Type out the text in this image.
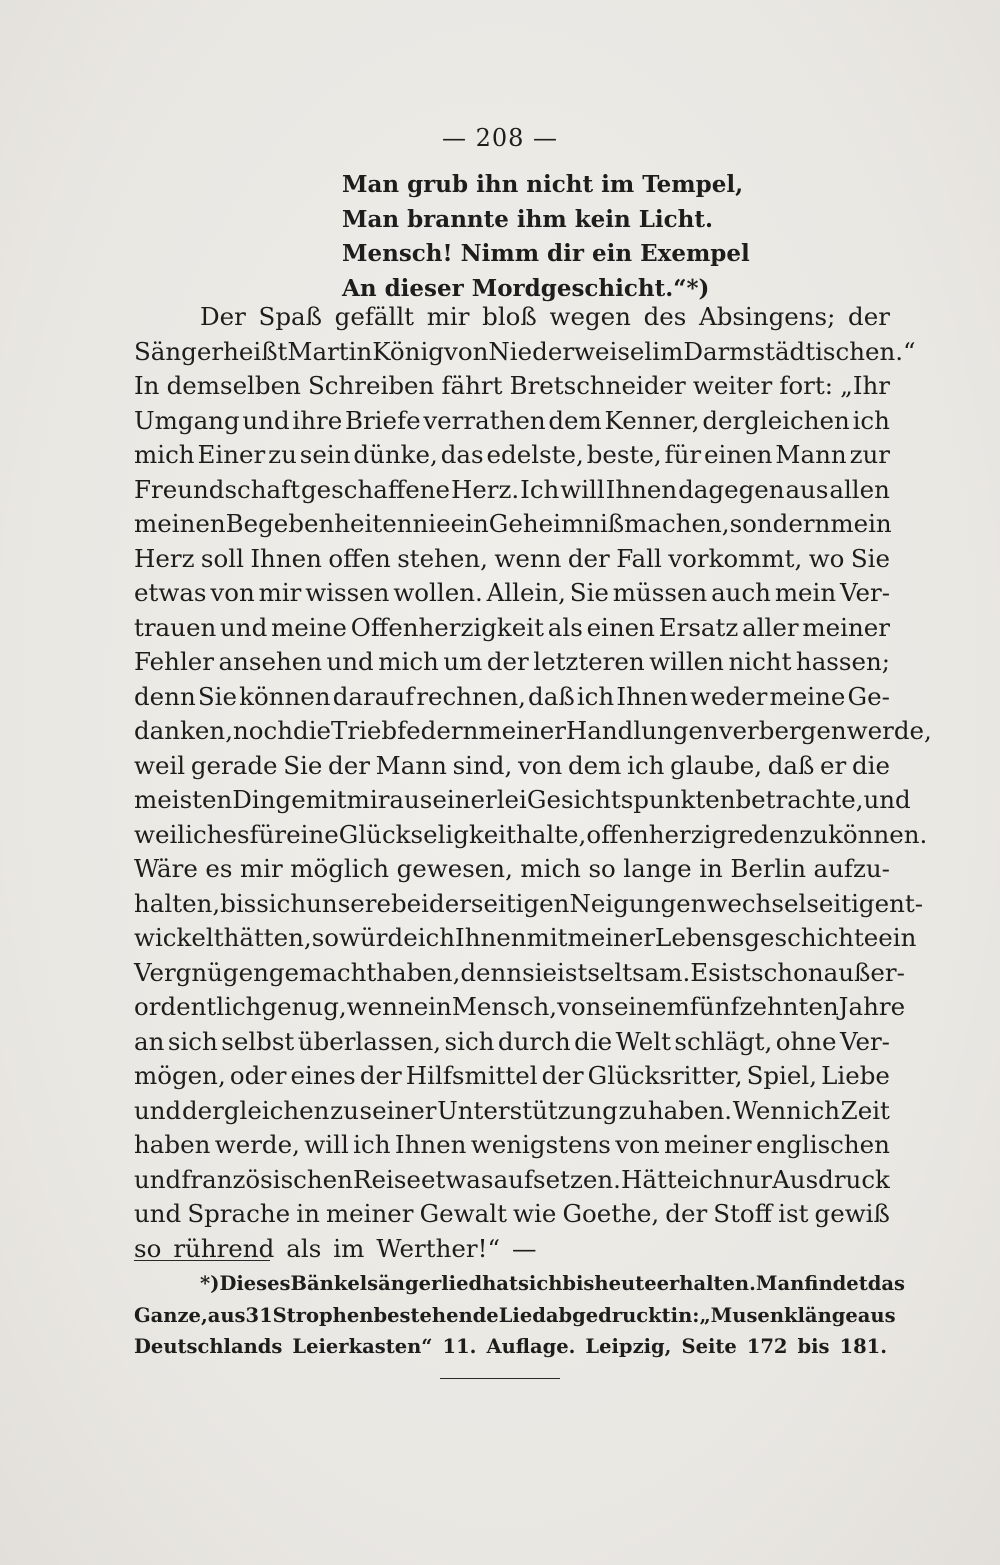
— 208 —
Man grub ihn nicht im Tempel,
Man brannte ihm kein Licht.
Mensch! Nimm dir ein Exempel
An dieser Mordgeschicht.“*)
Der Spaß gefällt mir bloß wegen des Absingens; der
Sänger heißt Martin König von Niederweisel im Darmstädtischen.“
In demselben Schreiben fährt Bretschneider weiter fort: „Ihr
Umgang und ihre Briefe verrathen dem Kenner, dergleichen ich
mich Einer zu sein dünke, das edelste, beste, für einen Mann zur
Freundschaft geschaffene Herz. Ich will Ihnen dagegen aus allen
meinen Begebenheiten nie ein Geheimniß machen, sondern mein
Herz soll Ihnen offen stehen, wenn der Fall vorkommt, wo Sie
etwas von mir wissen wollen. Allein, Sie müssen auch mein Ver-
trauen und meine Offenherzigkeit als einen Ersatz aller meiner
Fehler ansehen und mich um der letzteren willen nicht hassen;
denn Sie können darauf rechnen, daß ich Ihnen weder meine Ge-
danken, noch die Triebfedern meiner Handlungen verbergen werde,
weil gerade Sie der Mann sind, von dem ich glaube, daß er die
meisten Dinge mit mir aus einerlei Gesichtspunkten betrachte, und
weil ich es für eine Glückseligkeit halte, offenherzig reden zu können.
Wäre es mir möglich gewesen, mich so lange in Berlin aufzu-
halten, bis sich unsere beiderseitigen Neigungen wechselseitig ent-
wickelt hätten, so würde ich Ihnen mit meiner Lebensgeschichte ein
Vergnügen gemacht haben, denn sie ist seltsam. Es ist schon außer-
ordentlich genug, wenn ein Mensch, von seinem fünfzehnten Jahre
an sich selbst überlassen, sich durch die Welt schlägt, ohne Ver-
mögen, oder eines der Hilfsmittel der Glücksritter, Spiel, Liebe
und dergleichen zu seiner Unterstützung zu haben. Wenn ich Zeit
haben werde, will ich Ihnen wenigstens von meiner englischen
und französischen Reise etwas aufsetzen. Hätte ich nur Ausdruck
und Sprache in meiner Gewalt wie Goethe, der Stoff ist gewiß
so rührend als im Werther!“ —
*) Dieses Bänkelsängerlied hat sich bis heute erhalten. Man findet das
Ganze, aus 31 Strophen bestehende Lied abgedruckt in: „Musenklänge aus
Deutschlands Leierkasten“ 11. Auflage. Leipzig, Seite 172 bis 181.
